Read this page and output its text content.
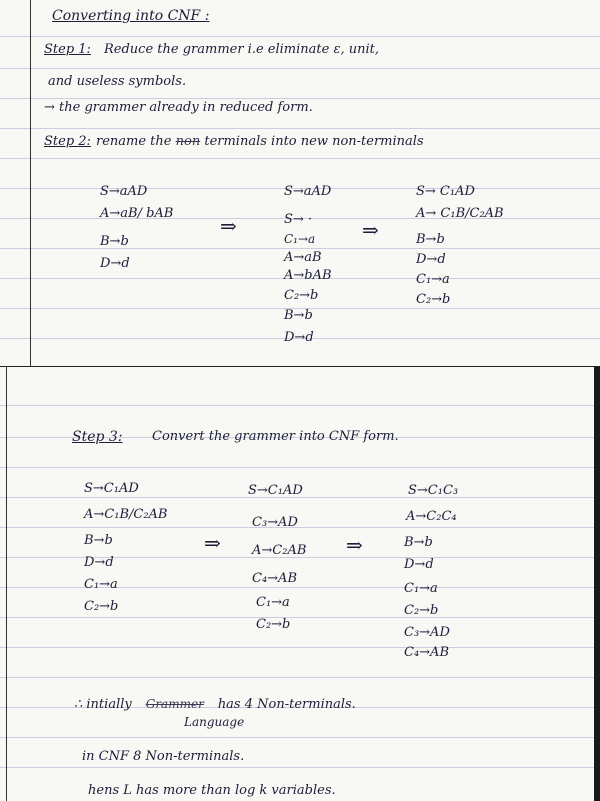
Converting into CNF :
Step 1: Reduce the grammer i.e eliminate ε, unit,
and useless symbols.
→ the grammer already in reduced form.
Step 2: rename the non terminals into new non-terminals
S→aAD
A→aB/ bAB
B→b
D→d
⇒
S→aAD
S→ ·
C₁→a
A→aB
A→bAB
C₂→b
B→b
D→d
⇒
S→ C₁AD
A→ C₁B/C₂AB
B→b
D→d
C₁→a
C₂→b
Step 3: Convert the grammer into CNF form.
S→C₁AD
A→C₁B/C₂AB
B→b
D→d
C₁→a
C₂→b
⇒
S→C₁AD
C₃→AD
A→C₂AB
C₄→AB
C₁→a
C₂→b
⇒
S→C₁C₃
A→C₂C₄
B→b
D→d
C₁→a
C₂→b
C₃→AD
C₄→AB
∴ intially Grammer has 4 Non-terminals.
Language
in CNF 8 Non-terminals.
hens L has more than log k variables.
